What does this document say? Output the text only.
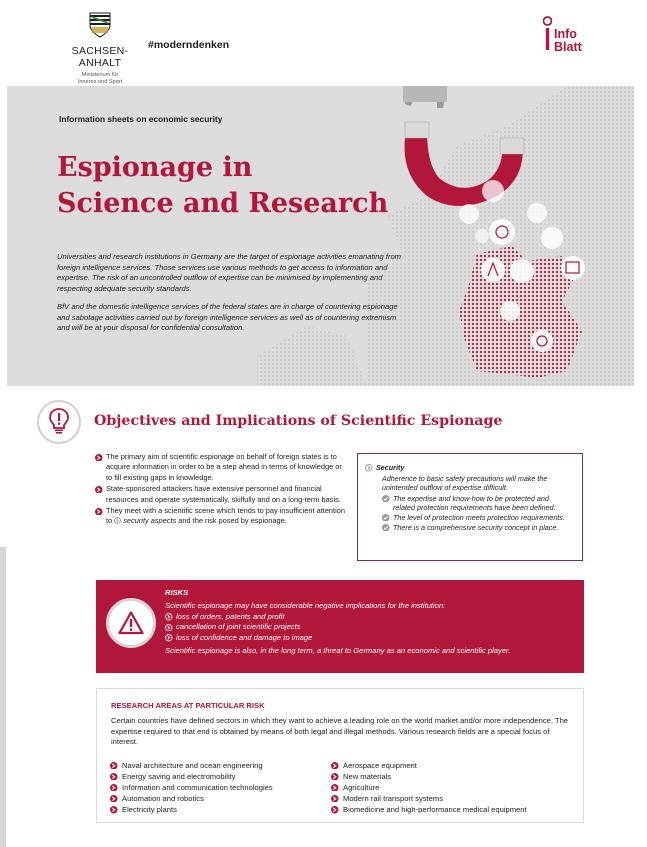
SACHSEN-ANHALT
Ministerium für
Inneres und Sport
#moderndenken
Info
Blatt
Information sheets on economic security
Espionage in
Science and Research

Universities and research institutions in Germany are the target of espionage activities emanating from foreign intelligence services. Those services use various methods to get access to information and expertise. The risk of an uncontrolled outflow of expertise can be minimised by implementing and respecting adequate security standards.

BfV and the domestic intelligence services of the federal states are in charge of countering espionage and sabotage activities carried out by foreign intelligence services as well as of countering extremism and will be at your disposal for confidential consultation.

Objectives and Implications of Scientific Espionage
The primary aim of scientific espionage on behalf of foreign states is to acquire information in order to be a step ahead in terms of knowledge or to fill existing gaps in knowledge.
State-sponsored attackers have extensive personnel and financial resources and operate systematically, skilfully and on a long-term basis.
They meet with a scientific scene which tends to pay insufficient attention to security aspects and the risk posed by espionage.
Security
Adherence to basic safety precautions will make the unintended outflow of expertise difficult.
The expertise and know-how to be protected and related protection requirements have been defined.
The level of protection meets protection requirements.
There is a comprehensive security concept in place.
RISKS
Scientific espionage may have considerable negative implications for the institution:
loss of orders, patents and profit
cancellation of joint scientific projects
loss of confidence and damage to image
Scientific espionage is also, in the long term, a threat to Germany as an economic and scientific player.
RESEARCH AREAS AT PARTICULAR RISK
Certain countries have defined sectors in which they want to achieve a leading role on the world market and/or more independence. The expertise required to that end is obtained by means of both legal and illegal methods. Various research fields are a special focus of interest.
Naval architecture and ocean engineering
Energy saving and electromobility
Information and communication technologies
Automation and robotics
Electricity plants
Aerospace equipment
New materials
Agriculture
Modern rail transport systems
Biomedicine and high-performance medical equipment
